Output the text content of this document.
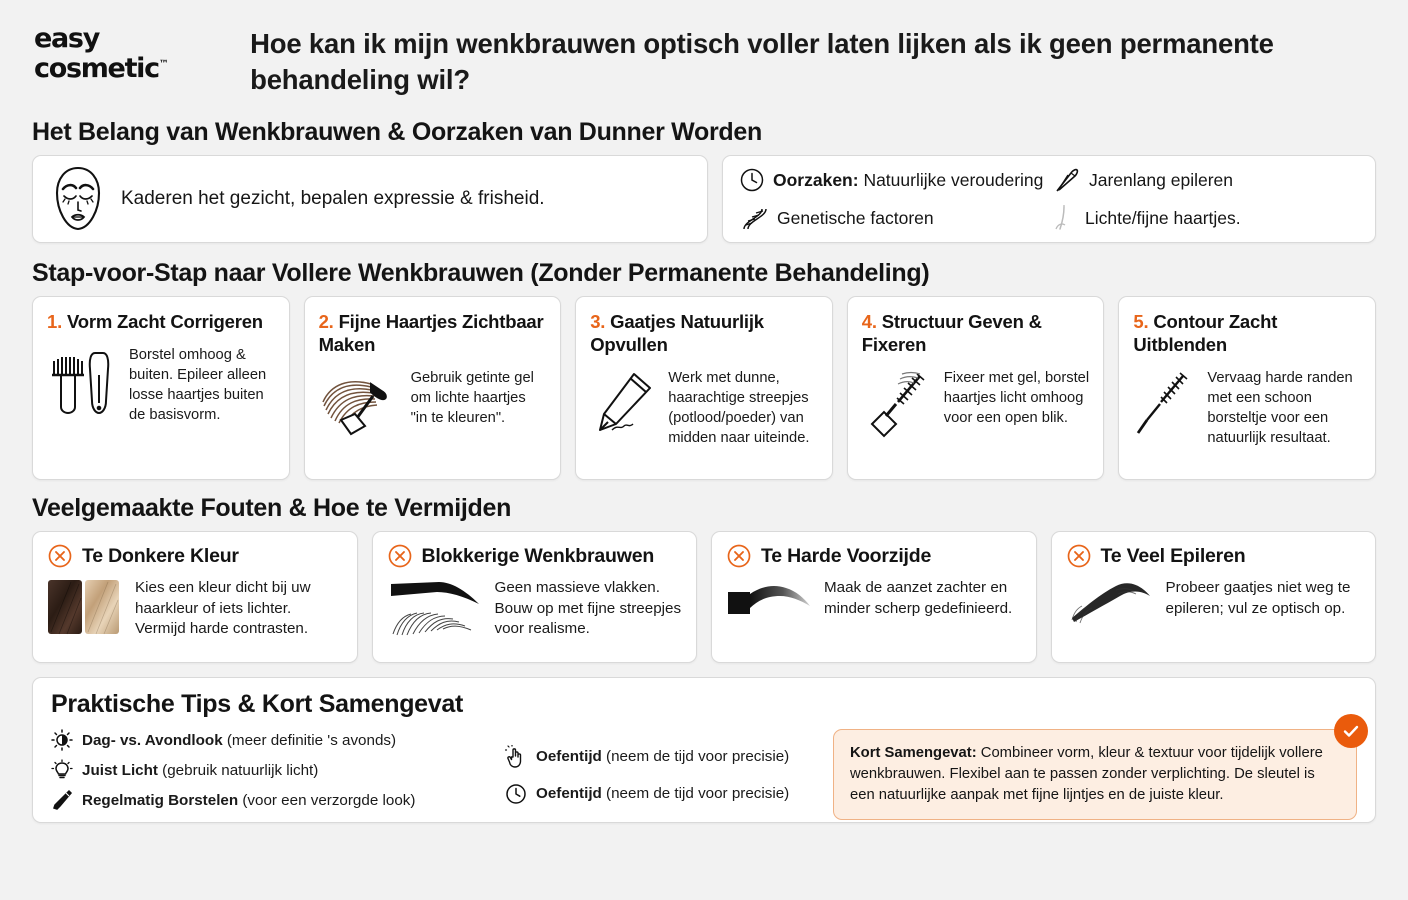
easy
cosmetic™
Hoe kan ik mijn wenkbrauwen optisch voller laten lijken als ik geen permanente behandeling wil?
Het Belang van Wenkbrauwen & Oorzaken van Dunner Worden
Kaderen het gezicht, bepalen expressie & frisheid.
Oorzaken: Natuurlijke veroudering	Jarenlang epileren
Genetische factoren	Lichte/fijne haartjes.
Stap-voor-Stap naar Vollere Wenkbrauwen (Zonder Permanente Behandeling)
1. Vorm Zacht Corrigeren
Borstel omhoog & buiten. Epileer alleen losse haartjes buiten de basisvorm.
2. Fijne Haartjes Zichtbaar Maken
Gebruik getinte gel om lichte haartjes "in te kleuren".
3. Gaatjes Natuurlijk Opvullen
Werk met dunne, haarachtige streepjes (potlood/poeder) van midden naar uiteinde.
4. Structuur Geven & Fixeren
Fixeer met gel, borstel haartjes licht omhoog voor een open blik.
5. Contour Zacht Uitblenden
Vervaag harde randen met een schoon borsteltje voor een natuurlijk resultaat.
Veelgemaakte Fouten & Hoe te Vermijden
Te Donkere Kleur
Kies een kleur dicht bij uw haarkleur of iets lichter. Vermijd harde contrasten.
Blokkerige Wenkbrauwen
Geen massieve vlakken. Bouw op met fijne streepjes voor realisme.
Te Harde Voorzijde
Maak de aanzet zachter en minder scherp gedefinieerd.
Te Veel Epileren
Probeer gaatjes niet weg te epileren; vul ze optisch op.
Praktische Tips & Kort Samengevat
Dag- vs. Avondlook (meer definitie 's avonds)
Juist Licht (gebruik natuurlijk licht)
Regelmatig Borstelen (voor een verzorgde look)
Oefentijd (neem de tijd voor precisie)
Oefentijd (neem de tijd voor precisie)
Kort Samengevat: Combineer vorm, kleur & textuur voor tijdelijk vollere wenkbrauwen. Flexibel aan te passen zonder verplichting. De sleutel is een natuurlijke aanpak met fijne lijntjes en de juiste kleur.
